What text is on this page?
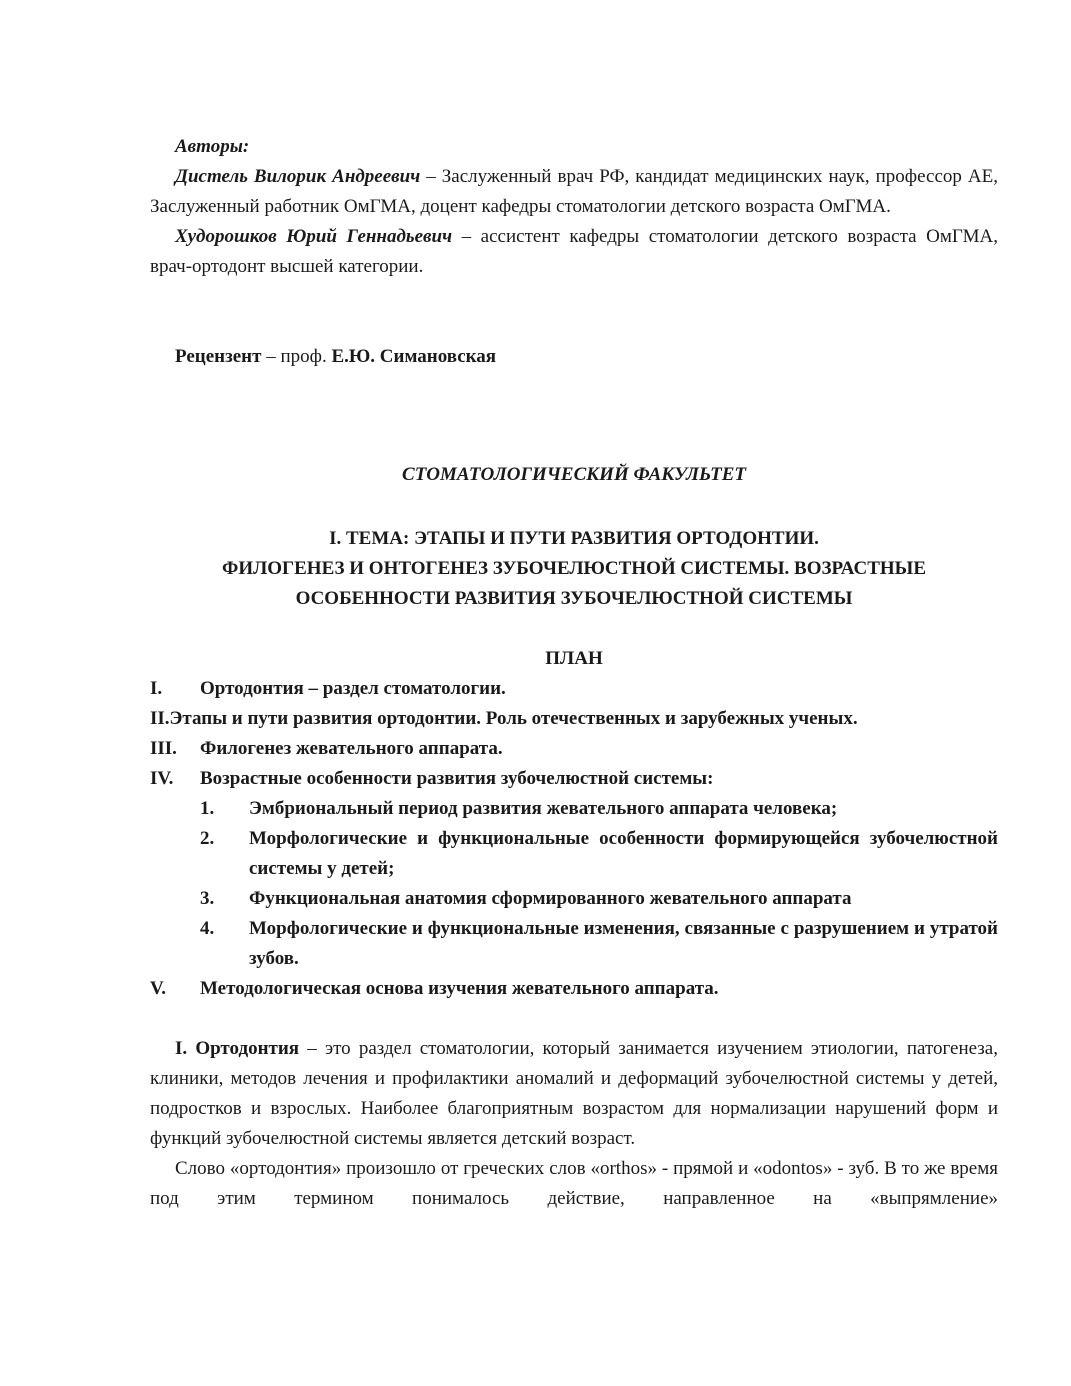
Авторы:

Дистель Вилорик Андреевич – Заслуженный врач РФ, кандидат медицинских наук, профессор АЕ, Заслуженный работник ОмГМА, доцент кафедры стоматологии детского возраста ОмГМА.

Худорошков Юрий Геннадьевич – ассистент кафедры стоматологии детского возраста ОмГМА, врач-ортодонт высшей категории.

Рецензент – проф. Е.Ю. Симановская

СТОМАТОЛОГИЧЕСКИЙ ФАКУЛЬТЕТ

I. ТЕМА: ЭТАПЫ И ПУТИ РАЗВИТИЯ ОРТОДОНТИИ.

ФИЛОГЕНЕЗ И ОНТОГЕНЕЗ ЗУБОЧЕЛЮСТНОЙ СИСТЕМЫ. ВОЗРАСТНЫЕ

ОСОБЕННОСТИ РАЗВИТИЯ ЗУБОЧЕЛЮСТНОЙ СИСТЕМЫ

ПЛАН

I.	Ортодонтия – раздел стоматологии.
II. Этапы и пути развития ортодонтии. Роль отечественных и зарубежных ученых.
III.	Филогенез жевательного аппарата.
IV.	Возрастные особенности развития зубочелюстной системы:
1.	Эмбриональный период развития жевательного аппарата человека;
2.	Морфологические и функциональные особенности формирующейся зубочелюстной системы у детей;
3.	Функциональная анатомия сформированного жевательного аппарата
4.	Морфологические и функциональные изменения, связанные с разрушением и утратой зубов.
V.	Методологическая основа изучения жевательного аппарата.

I. Ортодонтия – это раздел стоматологии, который занимается изучением этиологии, патогенеза, клиники, методов лечения и профилактики аномалий и деформаций зубочелюстной системы у детей, подростков и взрослых. Наиболее благоприятным возрастом для нормализации нарушений форм и функций зубочелюстной системы является детский возраст.

Слово «ортодонтия» произошло от греческих слов «orthos» - прямой и «odontos» - зуб. В то же время под этим термином понималось действие, направленное на «выпрямление»
